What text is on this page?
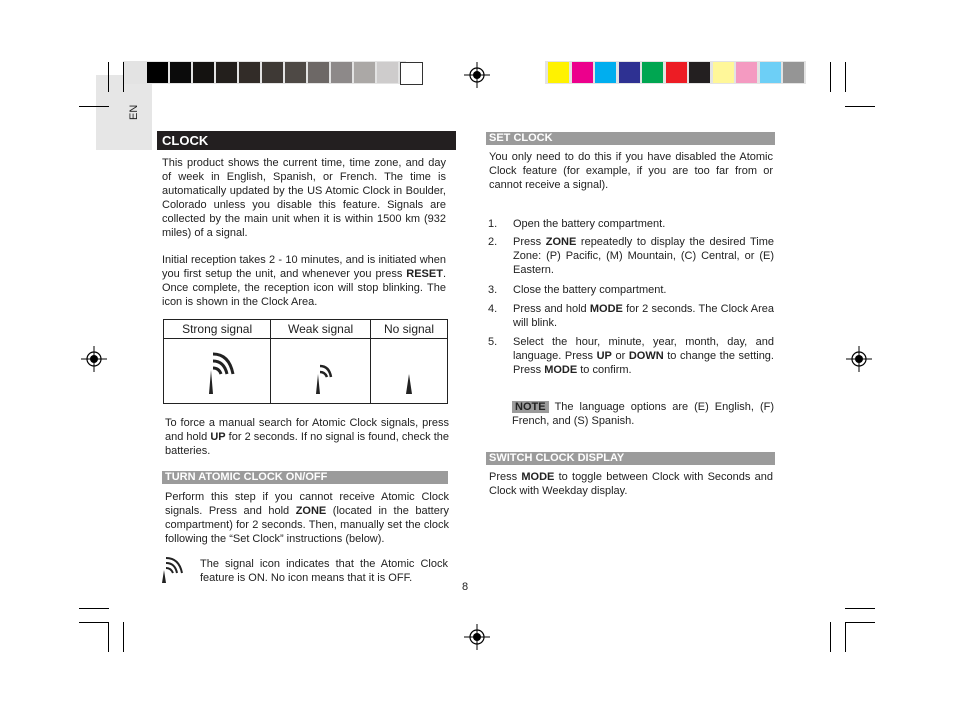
EN
CLOCK
This product shows the current time, time zone, and day of week in English, Spanish, or French. The time is automatically updated by the US Atomic Clock in Boulder, Colorado unless you disable this feature. Signals are collected by the main unit when it is within 1500 km (932 miles) of a signal.
Initial reception takes 2 - 10 minutes, and is initiated when you first setup the unit, and whenever you press RESET. Once complete, the reception icon will stop blinking. The icon is shown in the Clock Area.
Strong signal	Weak signal	No signal

To force a manual search for Atomic Clock signals, press and hold UP for 2 seconds. If no signal is found, check the batteries.
TURN ATOMIC CLOCK ON/OFF
Perform this step if you cannot receive Atomic Clock signals. Press and hold ZONE (located in the battery compartment) for 2 seconds. Then, manually set the clock following the “Set Clock” instructions (below).
The signal icon indicates that the Atomic Clock feature is ON. No icon means that it is OFF.
8
SET CLOCK
You only need to do this if you have disabled the Atomic Clock feature (for example, if you are too far from or cannot receive a signal).
1. Open the battery compartment.
2. Press ZONE repeatedly to display the desired Time Zone: (P) Pacific, (M) Mountain, (C) Central, or (E) Eastern.
3. Close the battery compartment.
4. Press and hold MODE for 2 seconds. The Clock Area will blink.
5. Select the hour, minute, year, month, day, and language. Press UP or DOWN to change the setting. Press MODE to confirm.
NOTE The language options are (E) English, (F) French, and (S) Spanish.
SWITCH CLOCK DISPLAY
Press MODE to toggle between Clock with Seconds and Clock with Weekday display.
